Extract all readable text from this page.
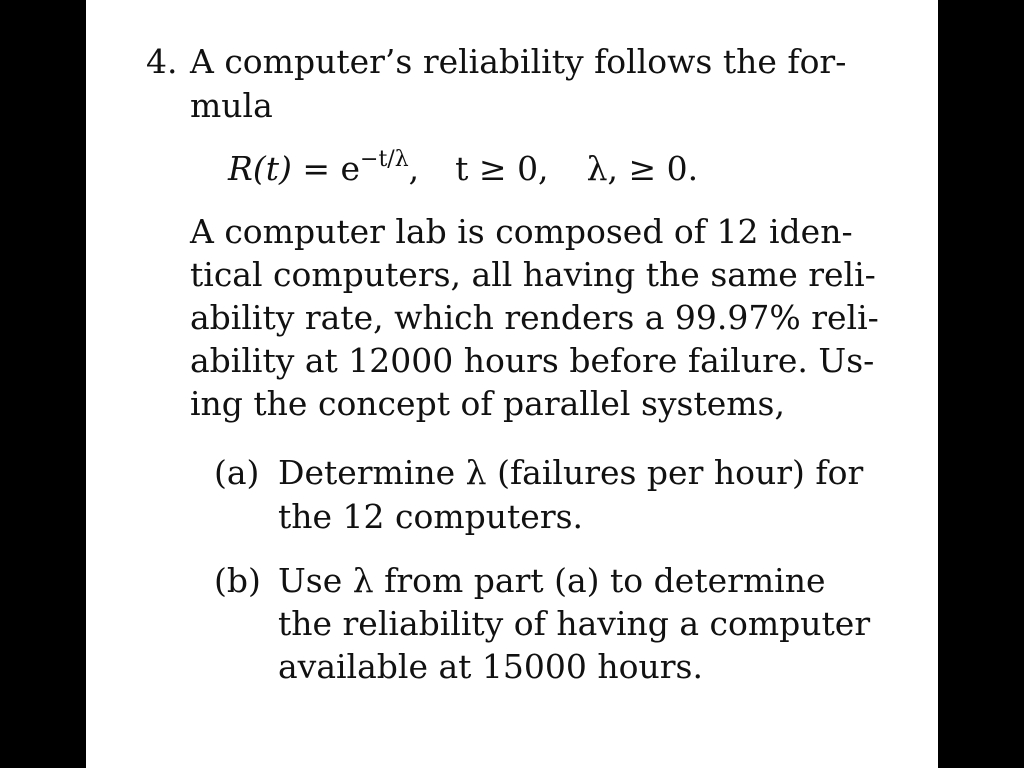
4. A computer’s reliability follows the for-
mula
$R(t) = e^{-t/\lambda}$, t ≥ 0, λ, ≥ 0.
A computer lab is composed of 12 iden-
tical computers, all having the same reli-
ability rate, which renders a 99.97% reli-
ability at 12000 hours before failure. Us-
ing the concept of parallel systems,
(a) Determine λ (failures per hour) for
the 12 computers.
(b) Use λ from part (a) to determine
the reliability of having a computer
available at 15000 hours.
